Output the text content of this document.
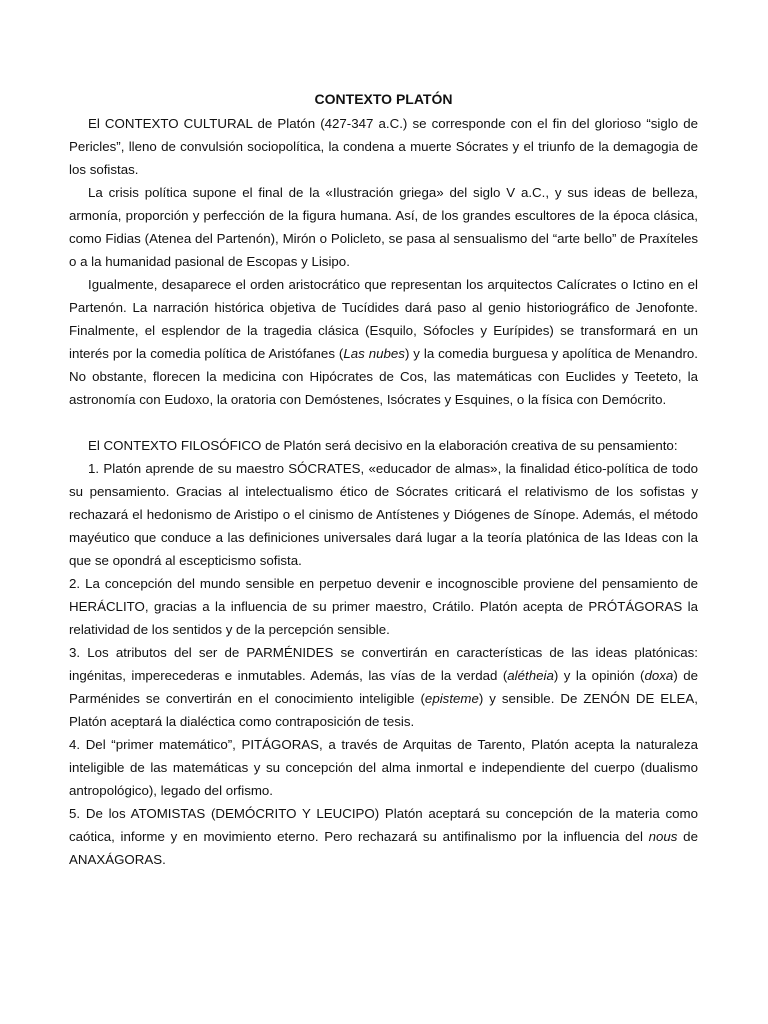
CONTEXTO PLATÓN

El CONTEXTO CULTURAL de Platón (427-347 a.C.) se corresponde con el fin del glorioso “siglo de Pericles”, lleno de convulsión sociopolítica, la condena a muerte Sócrates y el triunfo de la demagogia de los sofistas.

La crisis política supone el final de la «Ilustración griega» del siglo V a.C., y sus ideas de belleza, armonía, proporción y perfección de la figura humana. Así, de los grandes escultores de la época clásica, como Fidias (Atenea del Partenón), Mirón o Policleto, se pasa al sensualismo del “arte bello” de Praxíteles o a la humanidad pasional de Escopas y Lisipo.

Igualmente, desaparece el orden aristocrático que representan los arquitectos Calícrates o Ictino en el Partenón. La narración histórica objetiva de Tucídides dará paso al genio historiográfico de Jenofonte. Finalmente, el esplendor de la tragedia clásica (Esquilo, Sófocles y Eurípides) se transformará en un interés por la comedia política de Aristófanes (Las nubes) y la comedia burguesa y apolítica de Menandro. No obstante, florecen la medicina con Hipócrates de Cos, las matemáticas con Euclides y Teeteto, la astronomía con Eudoxo, la oratoria con Demóstenes, Isócrates y Esquines, o la física con Demócrito.

El CONTEXTO FILOSÓFICO de Platón será decisivo en la elaboración creativa de su pensamiento:

1. Platón aprende de su maestro SÓCRATES, «educador de almas», la finalidad ético-política de todo su pensamiento. Gracias al intelectualismo ético de Sócrates criticará el relativismo de los sofistas y rechazará el hedonismo de Aristipo o el cinismo de Antístenes y Diógenes de Sínope. Además, el método mayéutico que conduce a las definiciones universales dará lugar a la teoría platónica de las Ideas con la que se opondrá al escepticismo sofista.

2. La concepción del mundo sensible en perpetuo devenir e incognoscible proviene del pensamiento de HERÁCLITO, gracias a la influencia de su primer maestro, Crátilo. Platón acepta de PRÓTÁGORAS la relatividad de los sentidos y de la percepción sensible.

3. Los atributos del ser de PARMÉNIDES se convertirán en características de las ideas platónicas: ingénitas, imperecederas e inmutables. Además, las vías de la verdad (alétheia) y la opinión (doxa) de Parménides se convertirán en el conocimiento inteligible (episteme) y sensible. De ZENÓN DE ELEA, Platón aceptará la dialéctica como contraposición de tesis.

4. Del “primer matemático”, PITÁGORAS, a través de Arquitas de Tarento, Platón acepta la naturaleza inteligible de las matemáticas y su concepción del alma inmortal e independiente del cuerpo (dualismo antropológico), legado del orfismo.

5. De los ATOMISTAS (DEMÓCRITO Y LEUCIPO) Platón aceptará su concepción de la materia como caótica, informe y en movimiento eterno. Pero rechazará su antifinalismo por la influencia del nous de ANAXÁGORAS.
